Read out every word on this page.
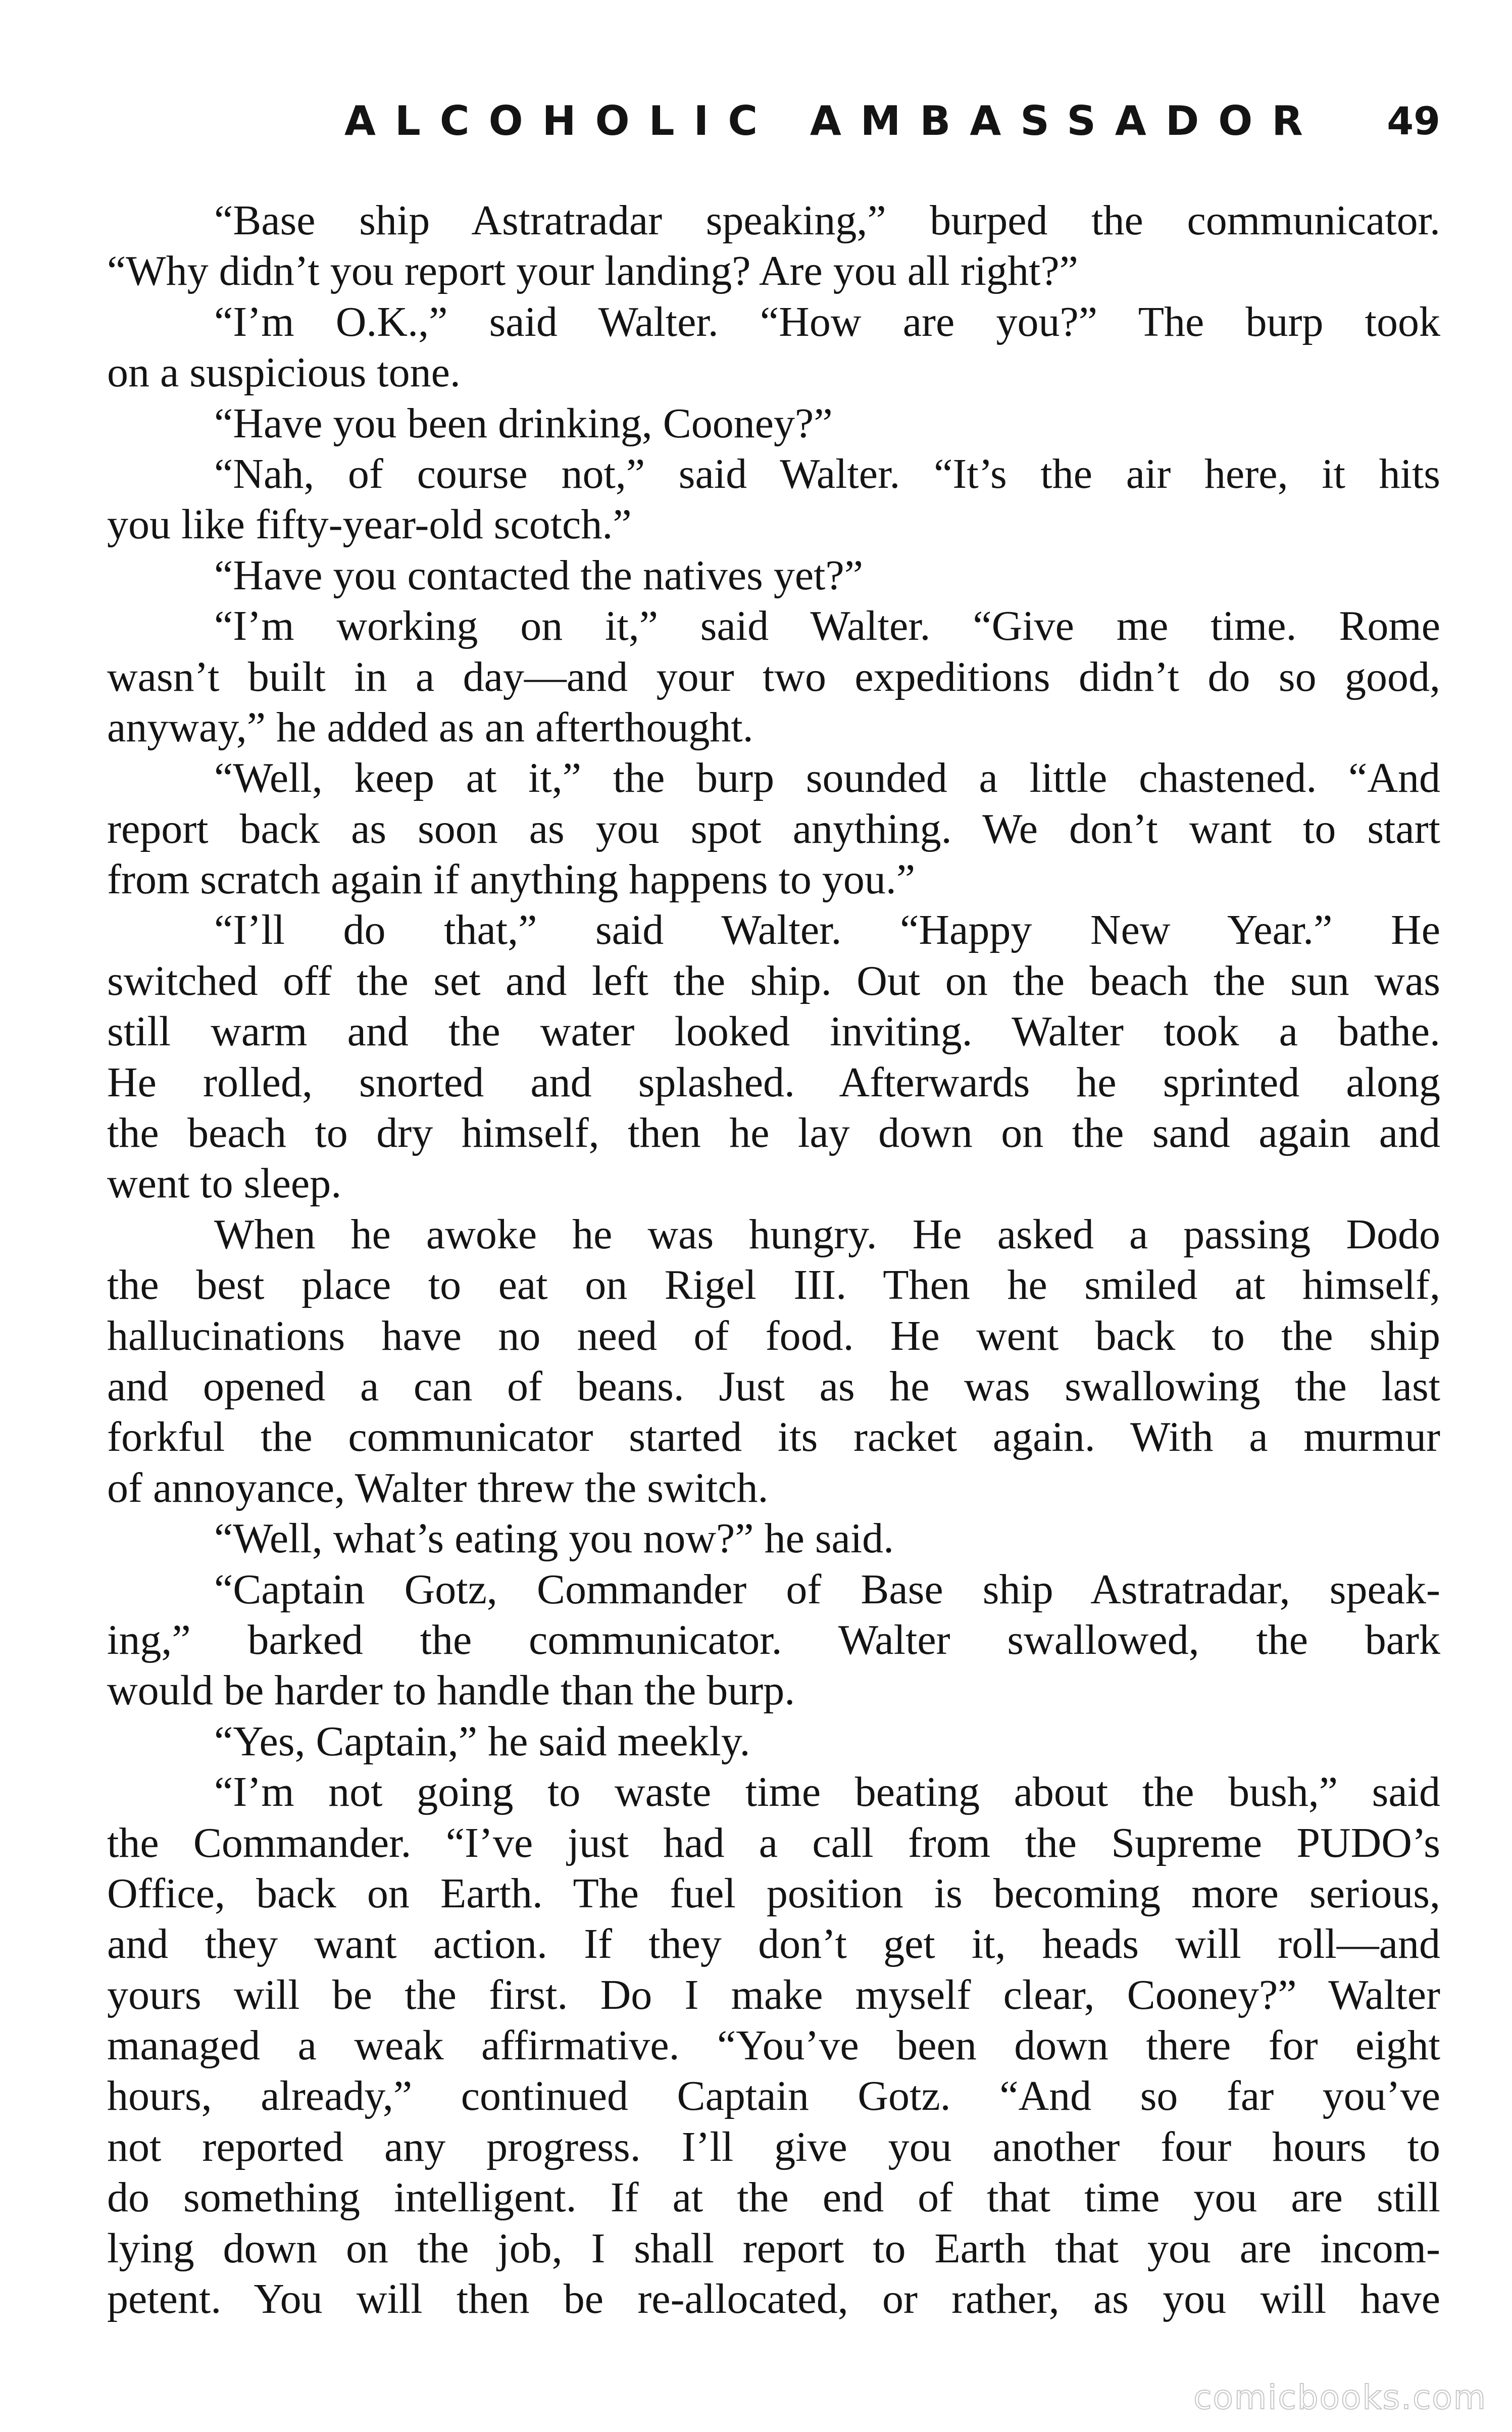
ALCOHOLIC AMBASSADOR 49
“Base ship Astratradar speaking,” burped the communicator.
“Why didn’t you report your landing? Are you all right?”
“I’m O.K.,” said Walter. “How are you?” The burp took
on a suspicious tone.
“Have you been drinking, Cooney?”
“Nah, of course not,” said Walter. “It’s the air here, it hits
you like fifty-year-old scotch.”
“Have you contacted the natives yet?”
“I’m working on it,” said Walter. “Give me time. Rome
wasn’t built in a day—and your two expeditions didn’t do so good,
anyway,” he added as an afterthought.
“Well, keep at it,” the burp sounded a little chastened. “And
report back as soon as you spot anything. We don’t want to start
from scratch again if anything happens to you.”
“I’ll do that,” said Walter. “Happy New Year.” He
switched off the set and left the ship. Out on the beach the sun was
still warm and the water looked inviting. Walter took a bathe.
He rolled, snorted and splashed. Afterwards he sprinted along
the beach to dry himself, then he lay down on the sand again and
went to sleep.
When he awoke he was hungry. He asked a passing Dodo
the best place to eat on Rigel III. Then he smiled at himself,
hallucinations have no need of food. He went back to the ship
and opened a can of beans. Just as he was swallowing the last
forkful the communicator started its racket again. With a murmur
of annoyance, Walter threw the switch.
“Well, what’s eating you now?” he said.
“Captain Gotz, Commander of Base ship Astratradar, speak-
ing,” barked the communicator. Walter swallowed, the bark
would be harder to handle than the burp.
“Yes, Captain,” he said meekly.
“I’m not going to waste time beating about the bush,” said
the Commander. “I’ve just had a call from the Supreme PUDO’s
Office, back on Earth. The fuel position is becoming more serious,
and they want action. If they don’t get it, heads will roll—and
yours will be the first. Do I make myself clear, Cooney?” Walter
managed a weak affirmative. “You’ve been down there for eight
hours, already,” continued Captain Gotz. “And so far you’ve
not reported any progress. I’ll give you another four hours to
do something intelligent. If at the end of that time you are still
lying down on the job, I shall report to Earth that you are incom-
petent. You will then be re-allocated, or rather, as you will have
comicbooks.com
